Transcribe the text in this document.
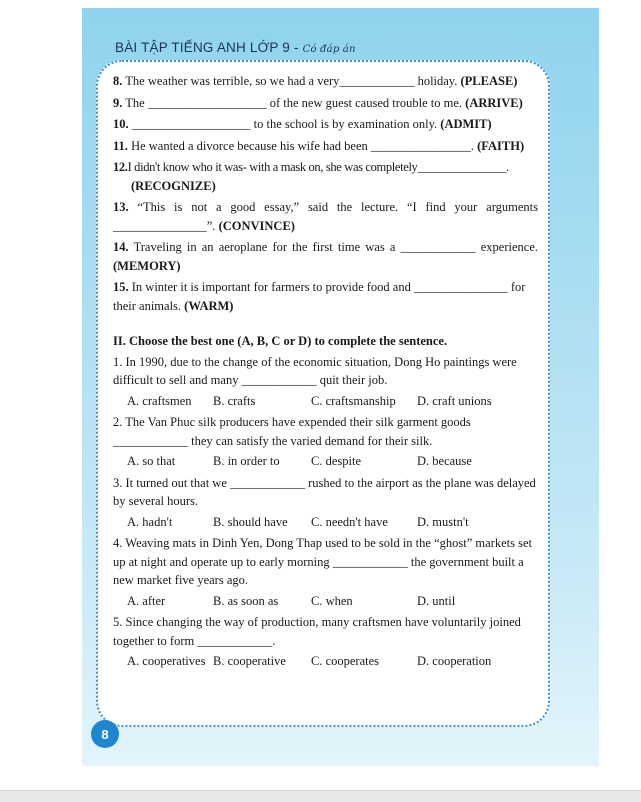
BÀI TẬP TIẾNG ANH LỚP 9 - Có đáp án
8. The weather was terrible, so we had a very____________ holiday. (PLEASE)
9. The ___________________ of the new guest caused trouble to me. (ARRIVE)
10. ___________________ to the school is by examination only. (ADMIT)
11. He wanted a divorce because his wife had been ________________. (FAITH)
12.I didn't know who it was- with a mask on, she was completely_______________.
(RECOGNIZE)
13. “This is not a good essay,” said the lecture. “I find your arguments _______________”. (CONVINCE)
14. Traveling in an aeroplane for the first time was a ____________ experience. (MEMORY)
15. In winter it is important for farmers to provide food and _______________ for their animals. (WARM)
II. Choose the best one (A, B, C or D) to complete the sentence.
1. In 1990, due to the change of the economic situation, Dong Ho paintings were difficult to sell and many ____________ quit their job.
A. craftsmen	B. crafts	C. craftsmanship	D. craft unions
2. The Van Phuc silk producers have expended their silk garment goods ____________ they can satisfy the varied demand for their silk.
A. so that	B. in order to	C. despite	D. because
3. It turned out that we ____________ rushed to the airport as the plane was delayed by several hours.
A. hadn't	B. should have	C. needn't have	D. mustn't
4. Weaving mats in Dinh Yen, Dong Thap used to be sold in the “ghost” markets set up at night and operate up to early morning ____________ the government built a new market five years ago.
A. after	B. as soon as	C. when	D. until
5. Since changing the way of production, many craftsmen have voluntarily joined together to form ____________.
A. cooperatives B. cooperative	C. cooperates	D. cooperation
8
